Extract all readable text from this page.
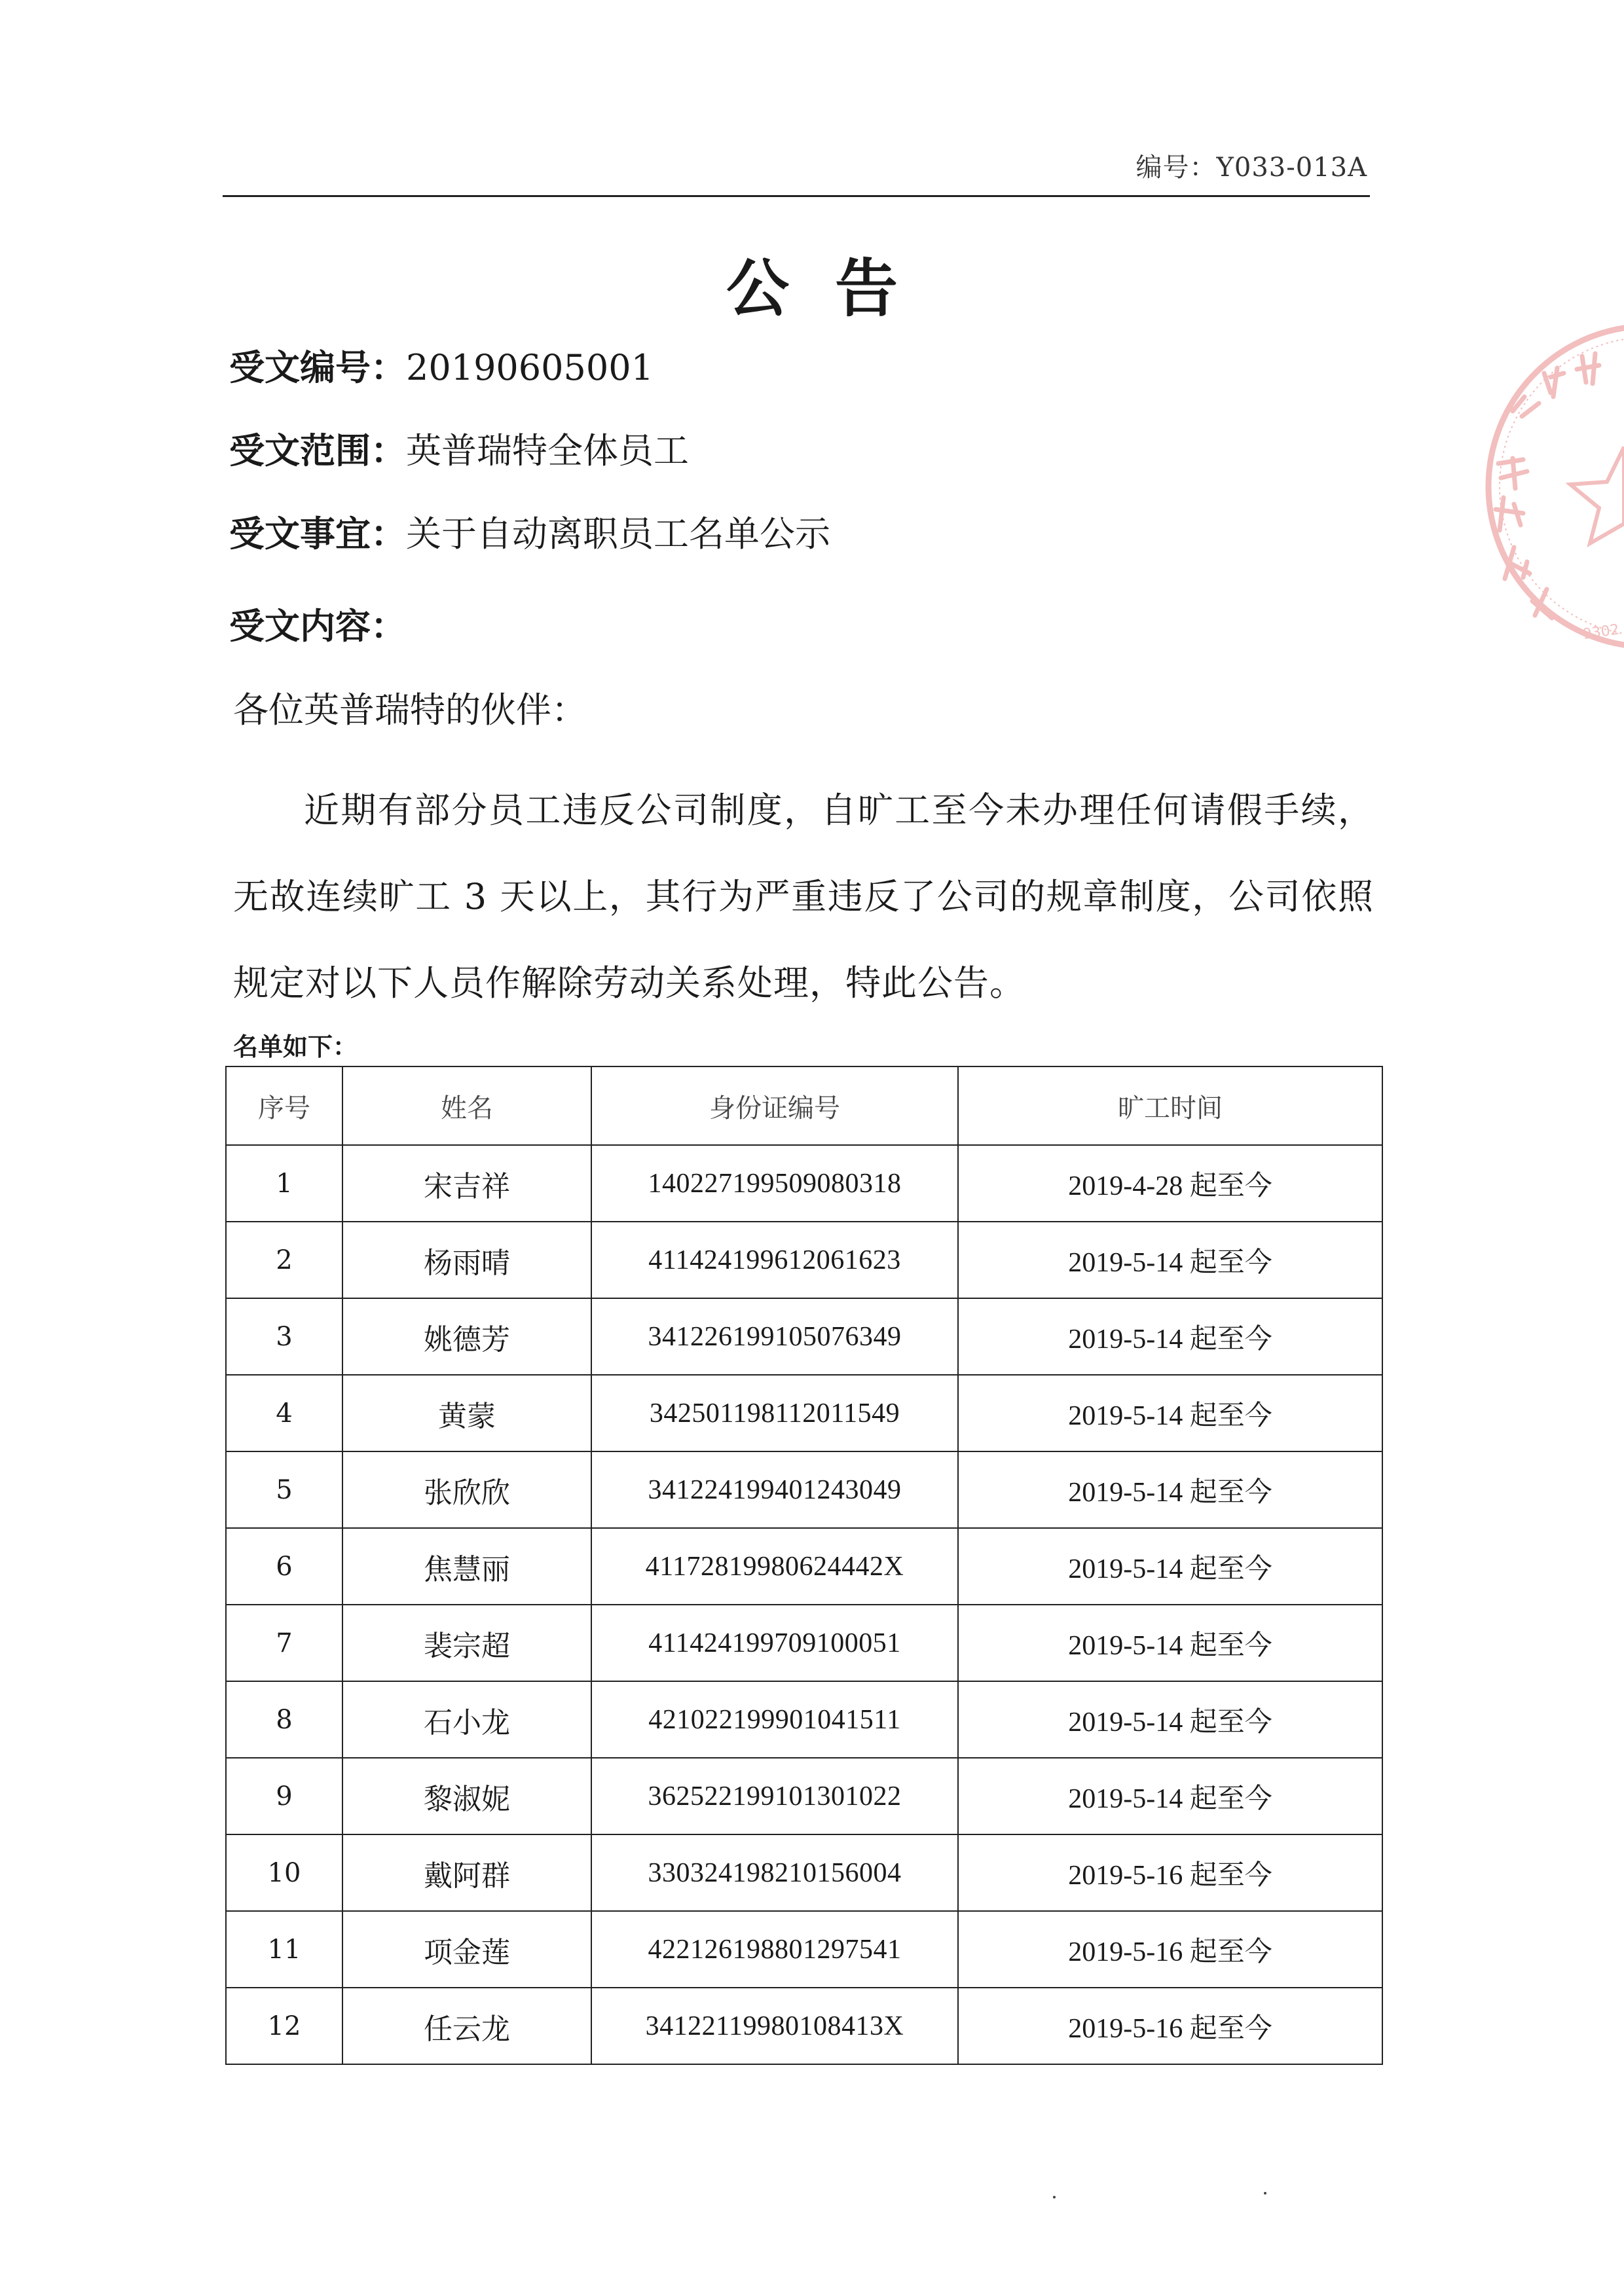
编号：Y033-013A
公告
受文编号：20190605001
受文范围：英普瑞特全体员工
受文事宜：关于自动离职员工名单公示
受文内容：
各位英普瑞特的伙伴：
近期有部分员工违反公司制度，自旷工至今未办理任何请假手续，无故连续旷工 3 天以上，其行为严重违反了公司的规章制度，公司依照规定对以下人员作解除劳动关系处理，特此公告。
名单如下：
序号	姓名	身份证编号	旷工时间
1	宋吉祥	140227199509080318	2019-4-28 起至今
2	杨雨晴	411424199612061623	2019-5-14 起至今
3	姚德芳	341226199105076349	2019-5-14 起至今
4	黄蒙	342501198112011549	2019-5-14 起至今
5	张欣欣	341224199401243049	2019-5-14 起至今
6	焦慧丽	41172819980624442X	2019-5-14 起至今
7	裴宗超	411424199709100051	2019-5-14 起至今
8	石小龙	421022199901041511	2019-5-14 起至今
9	黎淑妮	362522199101301022	2019-5-14 起至今
10	戴阿群	330324198210156004	2019-5-16 起至今
11	项金莲	422126198801297541	2019-5-16 起至今
12	任云龙	34122119980108413X	2019-5-16 起至今
9302
